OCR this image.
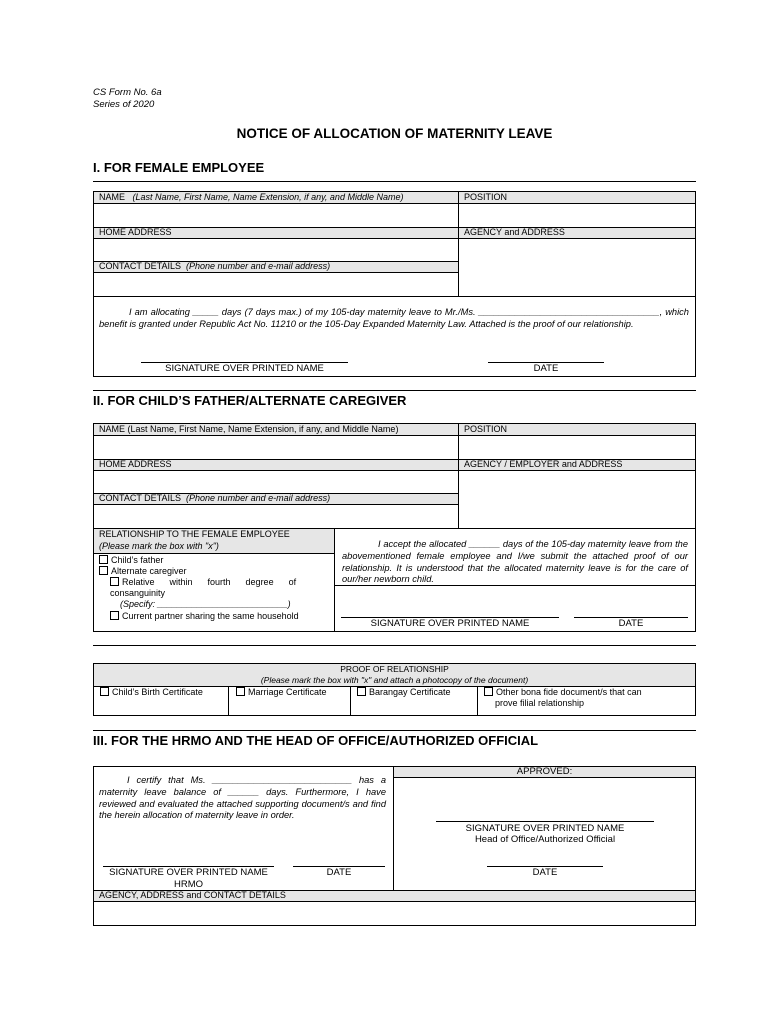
CS Form No. 6a
Series of 2020
NOTICE OF ALLOCATION OF MATERNITY LEAVE
I. FOR FEMALE EMPLOYEE
NAME (Last Name, First Name, Name Extension, if any, and Middle Name)	POSITION
HOME ADDRESS	AGENCY and ADDRESS
CONTACT DETAILS (Phone number and e-mail address)
I am allocating _____ days (7 days max.) of my 105-day maternity leave to Mr./Ms. ___________________________________, which benefit is granted under Republic Act No. 11210 or the 105-Day Expanded Maternity Law. Attached is the proof of our relationship.
SIGNATURE OVER PRINTED NAME	DATE
II. FOR CHILD’S FATHER/ALTERNATE CAREGIVER
NAME (Last Name, First Name, Name Extension, if any, and Middle Name)	POSITION
HOME ADDRESS	AGENCY / EMPLOYER and ADDRESS
CONTACT DETAILS (Phone number and e-mail address)
RELATIONSHIP TO THE FEMALE EMPLOYEE
(Please mark the box with "x")
Child’s father
Alternate caregiver
Relative      within      fourth      degree      of
consanguinity
(Specify: __________________________)
Current partner sharing the same household
I accept the allocated ______ days of the 105-day maternity leave from the abovementioned female employee and I/we submit the attached proof of our relationship. It is understood that the allocated maternity leave is for the care of our/her newborn child.
SIGNATURE OVER PRINTED NAME	DATE
PROOF OF RELATIONSHIP
(Please mark the box with "x" and attach a photocopy of the document)
Child’s Birth Certificate	Marriage Certificate	Barangay Certificate	Other bona fide document/s that can
prove filial relationship
III. FOR THE HRMO AND THE HEAD OF OFFICE/AUTHORIZED OFFICIAL
APPROVED:
I certify that Ms. ___________________________ has a maternity leave balance of ______ days. Furthermore, I have reviewed and evaluated the attached supporting document/s and find the herein allocation of maternity leave in order.
SIGNATURE OVER PRINTED NAME
HRMO
DATE
SIGNATURE OVER PRINTED NAME
Head of Office/Authorized Official
DATE
AGENCY, ADDRESS and CONTACT DETAILS
